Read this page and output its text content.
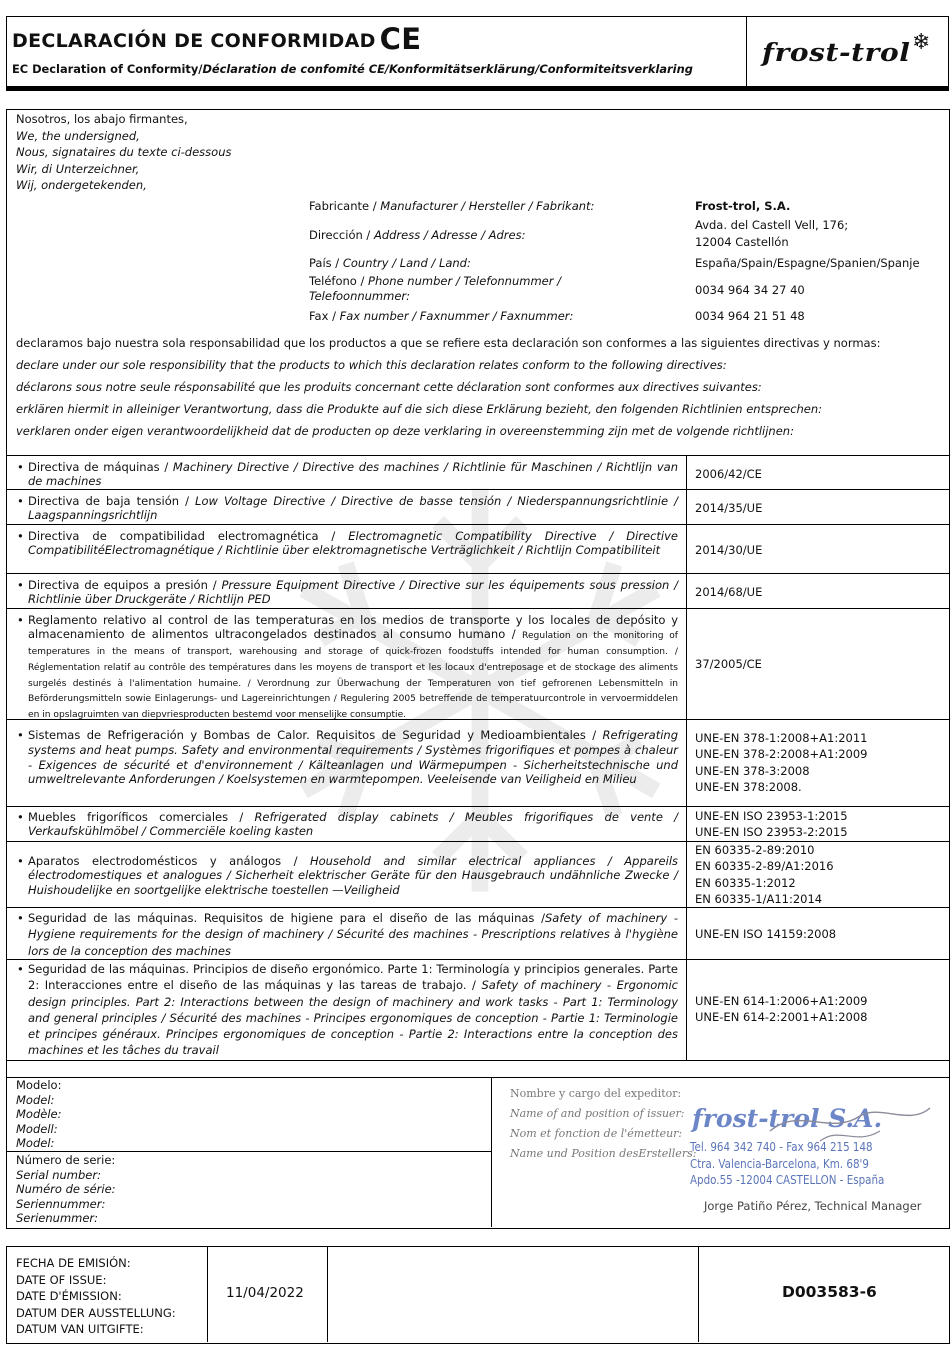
DECLARACIÓN DE CONFORMIDAD CE
EC Declaration of Conformity/Déclaration de confomité CE/Konformitätserklärung/Conformiteitsverklaring
frost-trol ❄
Nosotros, los abajo firmantes,
We, the undersigned,
Nous, signataires du texte ci-dessous
Wir, di Unterzeichner,
Wij, ondergetekenden,
Fabricante / Manufacturer / Hersteller / Fabrikant:	Frost-trol, S.A.
Dirección / Address / Adresse / Adres:
Avda. del Castell Vell, 176;
12004 Castellón
País / Country / Land / Land:	España/Spain/Espagne/Spanien/Spanje
Teléfono / Phone number / Telefonnummer /
Telefoonnummer:	0034 964 34 27 40
Fax / Fax number / Faxnummer / Faxnummer:	0034 964 21 51 48
declaramos bajo nuestra sola responsabilidad que los productos a que se refiere esta declaración son conformes a las siguientes directivas y normas:
declare under our sole responsibility that the products to which this declaration relates conform to the following directives:
déclarons sous notre seule résponsabilité que les produits concernant cette déclaration sont conformes aux directives suivantes:
erklären hiermit in alleiniger Verantwortung, dass die Produkte auf die sich diese Erklärung bezieht, den folgenden Richtlinien entsprechen:
verklaren onder eigen verantwoordelijkheid dat de producten op deze verklaring in overeenstemming zijn met de volgende richtlijnen:
• Directiva de máquinas / Machinery Directive / Directive des machines / Richtlinie für Maschinen / Richtlijn van de machines
2006/42/CE
• Directiva de baja tensión / Low Voltage Directive / Directive de basse tensión / Niederspannungsrichtlinie / Laagspanningsrichtlijn
2014/35/UE
• Directiva de compatibilidad electromagnética / Electromagnetic Compatibility Directive / Directive CompatibilitéElectromagnétique / Richtlinie über elektromagnetische Verträglichkeit / Richtlijn Compatibiliteit	2014/30/UE
• Directiva de equipos a presión / Pressure Equipment Directive / Directive sur les équipements sous pression / Richtlinie über Druckgeräte / Richtlijn PED
2014/68/UE
• Reglamento relativo al control de las temperaturas en los medios de transporte y los locales de depósito y almacenamiento de alimentos ultracongelados destinados al consumo humano / Regulation on the monitoring of temperatures in the means of transport, warehousing and storage of quick-frozen foodstuffs intended for human consumption. / Réglementation relatif au contrôle des températures dans les moyens de transport et les locaux d'entreposage et de stockage des aliments surgelés destinés à l'alimentation humaine. / Verordnung zur Überwachung der Temperaturen von tief gefrorenen Lebensmitteln in Beförderungsmitteln sowie Einlagerungs- und Lagereinrichtungen / Regulering 2005 betreffende de temperatuurcontrole in vervoermiddelen en in opslagruimten van diepvriesproducten bestemd voor menselijke consumptie.
37/2005/CE
• Sistemas de Refrigeración y Bombas de Calor. Requisitos de Seguridad y Medioambientales / Refrigerating systems and heat pumps. Safety and environmental requirements / Systèmes frigorifiques et pompes à chaleur - Exigences de sécurité et d'environnement / Kälteanlagen und Wärmepumpen - Sicherheitstechnische und umweltrelevante Anforderungen / Koelsystemen en warmtepompen. Veeleisende van Veiligheid en Milieu
UNE-EN 378-1:2008+A1:2011
UNE-EN 378-2:2008+A1:2009
UNE-EN 378-3:2008
UNE-EN 378:2008.
• Muebles frigoríficos comerciales / Refrigerated display cabinets / Meubles frigorifiques de vente / Verkaufskühlmöbel / Commerciële koeling kasten
UNE-EN ISO 23953-1:2015
UNE-EN ISO 23953-2:2015
• Aparatos electrodomésticos y análogos / Household and similar electrical appliances / Appareils électrodomestiques et analogues / Sicherheit elektrischer Geräte für den Hausgebrauch undähnliche Zwecke / Huishoudelijke en soortgelijke elektrische toestellen —Veiligheid
EN 60335-2-89:2010
EN 60335-2-89/A1:2016
EN 60335-1:2012
EN 60335-1/A11:2014
• Seguridad de las máquinas. Requisitos de higiene para el diseño de las máquinas /Safety of machinery - Hygiene requirements for the design of machinery / Sécurité des machines - Prescriptions relatives à l'hygiène lors de la conception des machines
UNE-EN ISO 14159:2008
• Seguridad de las máquinas. Principios de diseño ergonómico. Parte 1: Terminología y principios generales. Parte 2: Interacciones entre el diseño de las máquinas y las tareas de trabajo. / Safety of machinery - Ergonomic design principles. Part 2: Interactions between the design of machinery and work tasks - Part 1: Terminology and general principles / Sécurité des machines - Principes ergonomiques de conception - Partie 1: Terminologie et principes généraux. Principes ergonomiques de conception - Partie 2: Interactions entre la conception des machines et les tâches du travail
UNE-EN 614-1:2006+A1:2009
UNE-EN 614-2:2001+A1:2008
Modelo:
Model:
Modèle:
Modell:
Model:
Número de serie:
Serial number:
Numéro de série:
Seriennummer:
Serienummer:
Nombre y cargo del expeditor:
Name of and position of issuer:
Nom et fonction de l'émetteur:
Name und Position desErstellers:
frost-trol S.A.
Tel. 964 342 740 - Fax 964 215 148
Ctra. Valencia-Barcelona, Km. 68'9
Apdo.55 -12004 CASTELLON - España
Jorge Patiño Pérez, Technical Manager
FECHA DE EMISIÓN:
DATE OF ISSUE:
DATE D'ÉMISSION:
DATUM DER AUSSTELLUNG:
DATUM VAN UITGIFTE:
11/04/2022	D003583-6
